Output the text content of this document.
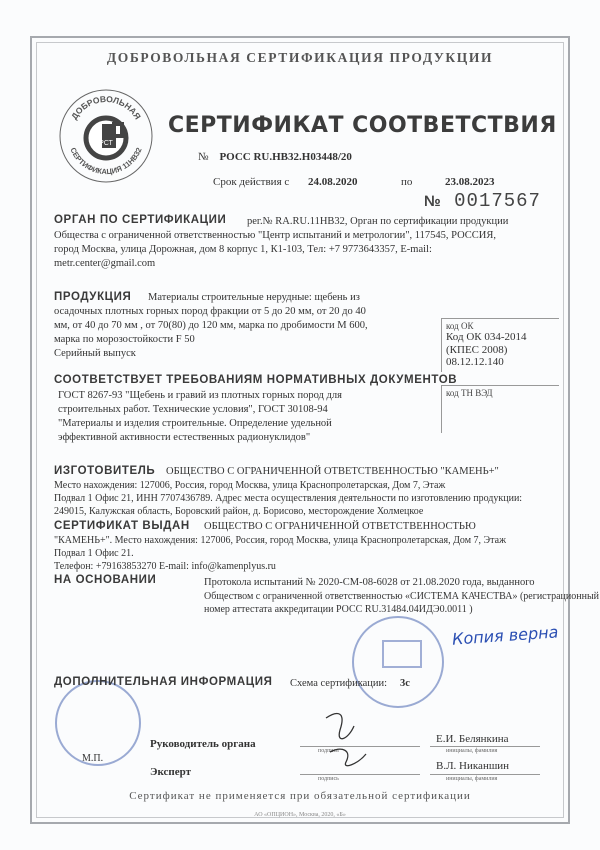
ДОБРОВОЛЬНАЯ СЕРТИФИКАЦИЯ ПРОДУКЦИИ
ДОБРОВОЛЬНАЯ
СЕРТИФИКАЦИЯ 11НВ32
РСТ
СЕРТИФИКАТ СООТВЕТСТВИЯ
№ РОСС RU.НВ32.Н03448/20
Срок действия с 24.08.2020	по	23.08.2023
№ 0017567
ОРГАН ПО СЕРТИФИКАЦИИ рег.№ RA.RU.11НВ32, Орган по сертификации продукции
Общества с ограниченной ответственностью "Центр испытаний и метрологии", 117545, РОССИЯ,
город Москва, улица Дорожная, дом 8 корпус 1, К1-103, Тел: +7 9773643357, E-mail:
metr.center@gmail.com
ПРОДУКЦИЯ Материалы строительные нерудные: щебень из
осадочных плотных горных пород фракции от 5 до 20 мм, от 20 до 40
мм, от 40 до 70 мм , от 70(80) до 120 мм, марка по дробимости М 600,
марка по морозостойкости F 50
Серийный выпуск
код ОК
Код ОК 034-2014
(КПЕС 2008)
08.12.12.140
код ТН ВЭД
СООТВЕТСТВУЕТ ТРЕБОВАНИЯМ НОРМАТИВНЫХ ДОКУМЕНТОВ
ГОСТ 8267-93 "Щебень и гравий из плотных горных пород для
строительных работ. Технические условия", ГОСТ 30108-94
"Материалы и изделия строительные. Определение удельной
эффективной активности естественных радионуклидов"
ИЗГОТОВИТЕЛЬ ОБЩЕСТВО С ОГРАНИЧЕННОЙ ОТВЕТСТВЕННОСТЬЮ "КАМЕНЬ+"
Место нахождения: 127006, Россия, город Москва, улица Краснопролетарская, Дом 7, Этаж
Подвал 1 Офис 21, ИНН 7707436789. Адрес места осуществления деятельности по изготовлению продукции:
249015, Калужская область, Боровский район, д. Борисово, месторождение Холмецкое
СЕРТИФИКАТ ВЫДАН ОБЩЕСТВО С ОГРАНИЧЕННОЙ ОТВЕТСТВЕННОСТЬЮ
"КАМЕНЬ+". Место нахождения: 127006, Россия, город Москва, улица Краснопролетарская, Дом 7, Этаж
Подвал 1 Офис 21.
Телефон: +79163853270 E-mail: info@kamenplyus.ru
НА ОСНОВАНИИ	Протокола испытаний № 2020-СМ-08-6028 от 21.08.2020 года, выданного
Обществом с ограниченной ответственностью «СИСТЕМА КАЧЕСТВА» (регистрационный
номер аттестата аккредитации РОСС RU.31484.04ИДЭ0.0011 )
Копия верна
ДОПОЛНИТЕЛЬНАЯ ИНФОРМАЦИЯ Схема сертификации: 3с
Руководитель органа
М.П.
Эксперт
подпись
подпись
Е.И. Белянкина
инициалы, фамилия
В.Л. Никаншин
инициалы, фамилия
Сертификат не применяется при обязательной сертификации
АО «ОПЦИОН», Москва, 2020, «Б»
